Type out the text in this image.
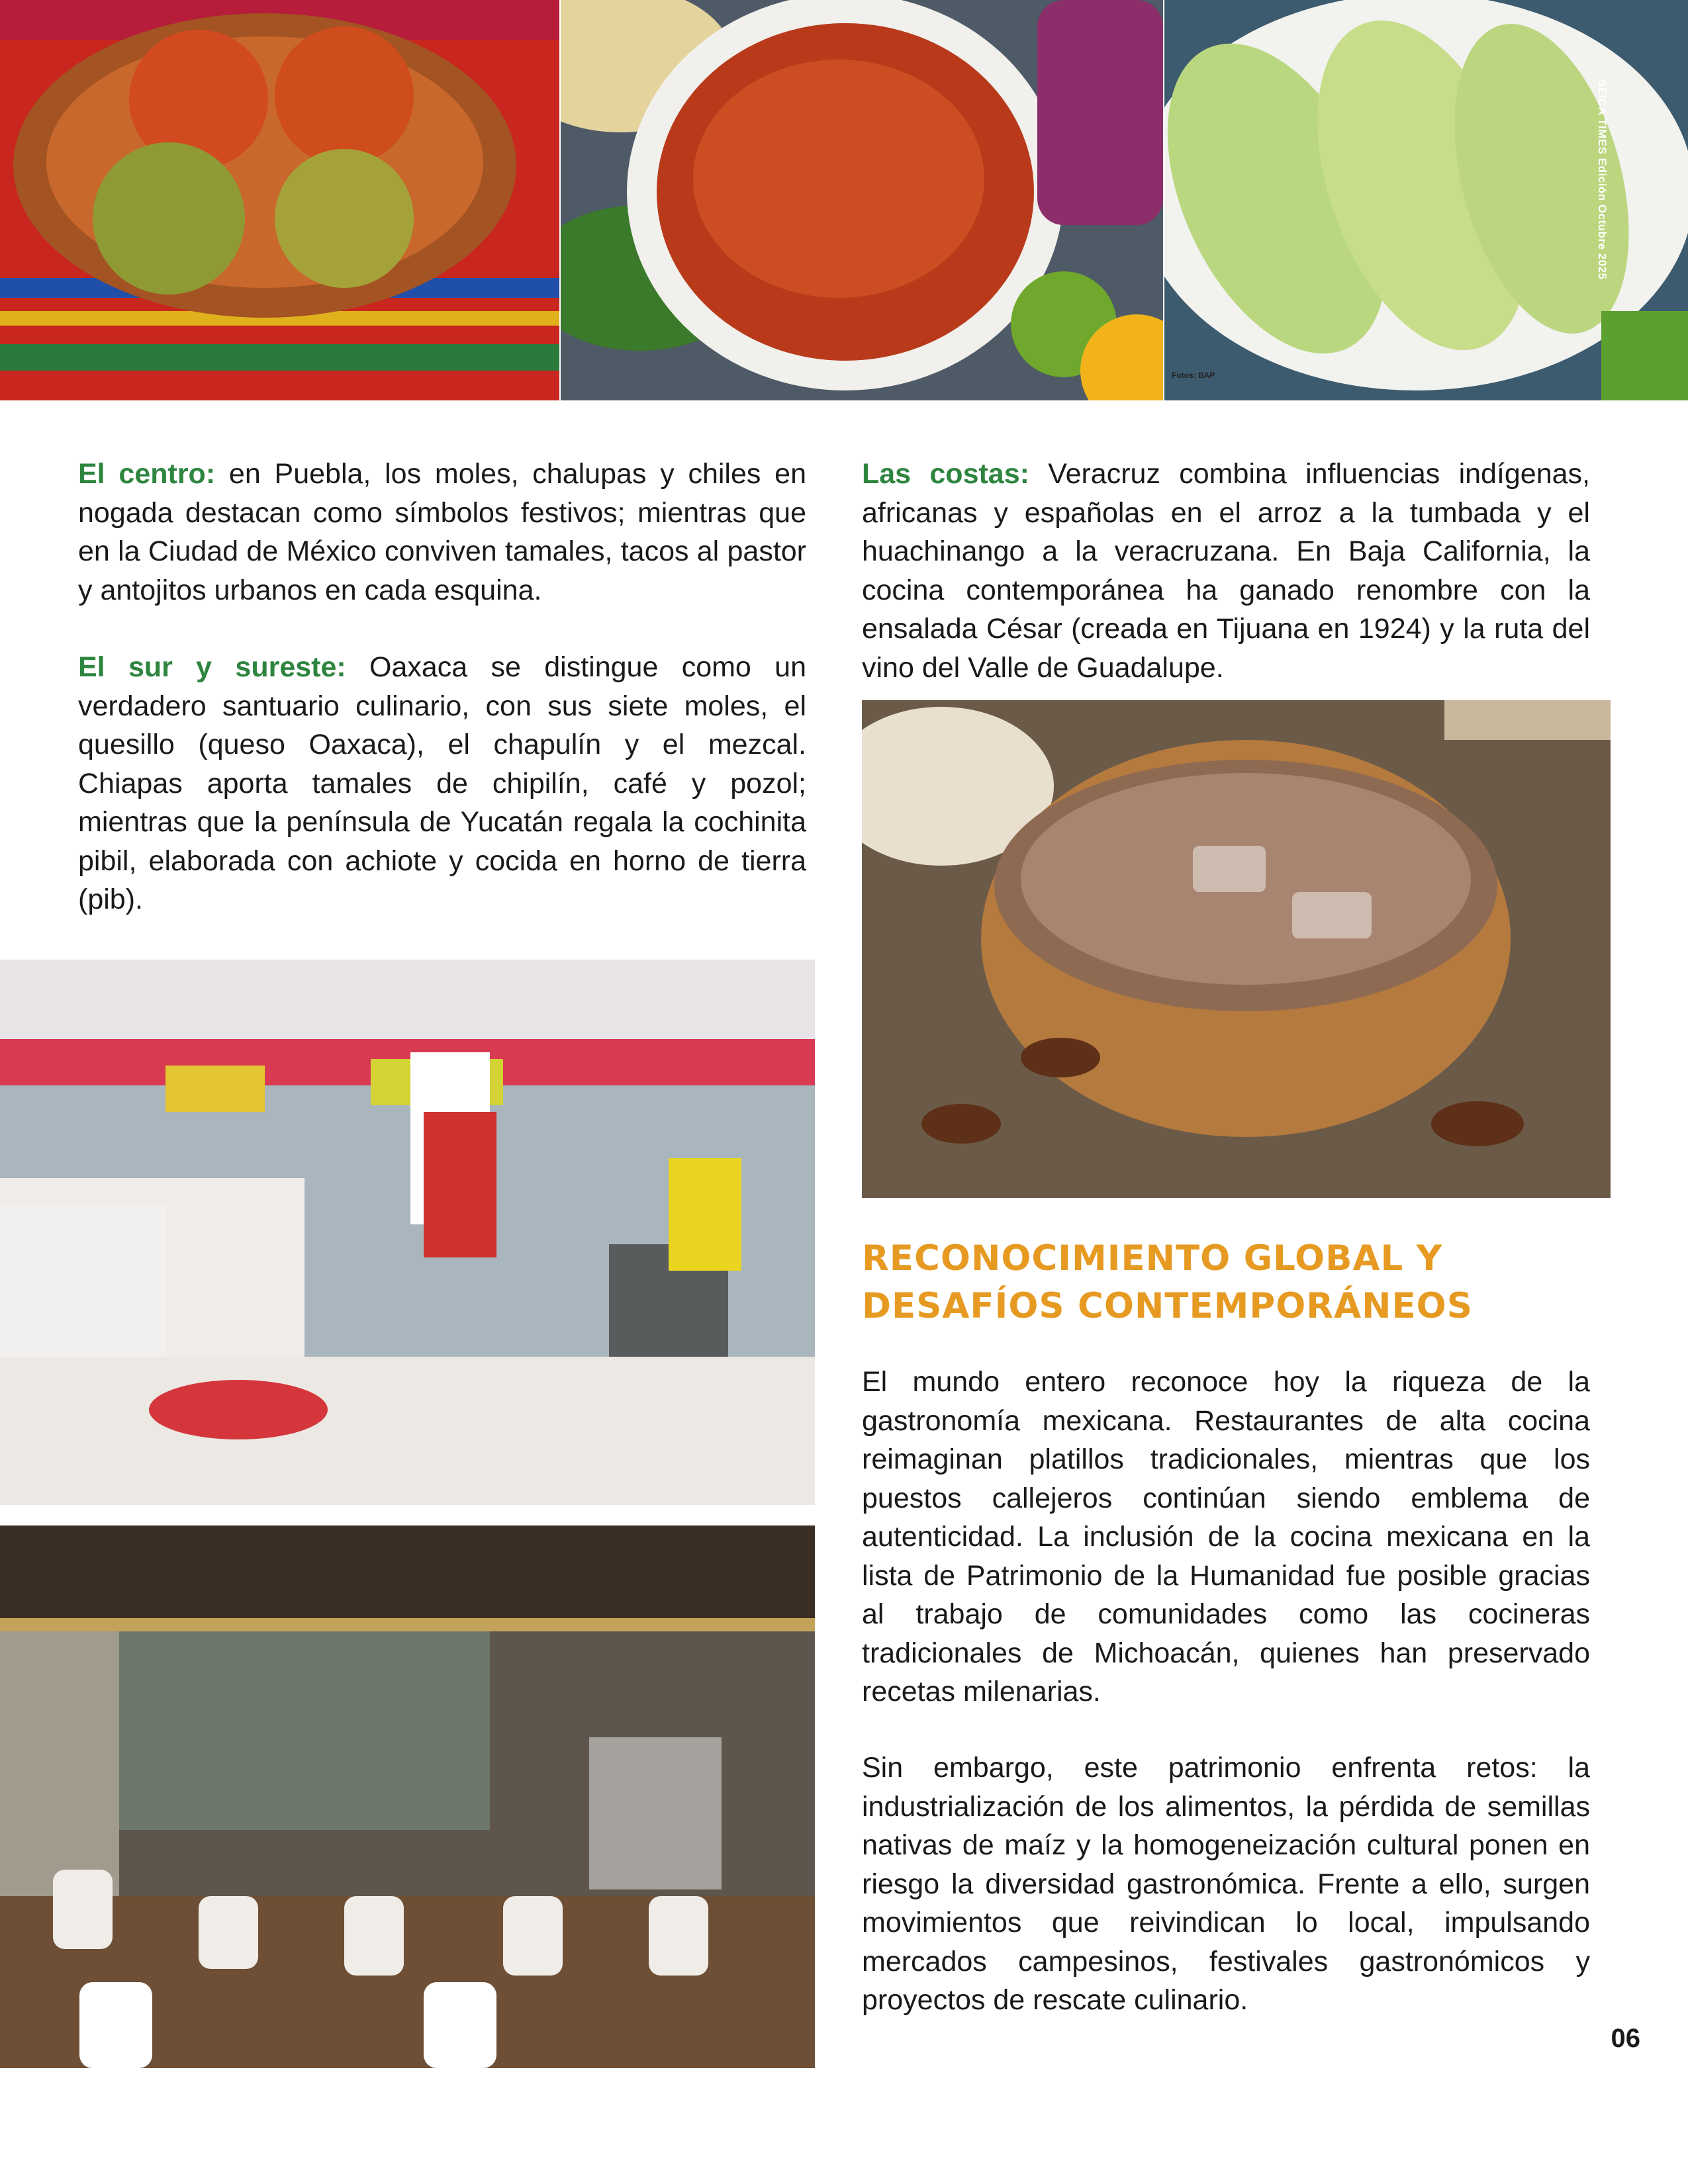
SEICA TIMES Edición Octubre 2025
Fotos: BAP

El centro: en Puebla, los moles, chalupas y chiles en nogada destacan como símbolos festivos; mientras que en la Ciudad de México conviven tamales, tacos al pastor y antojitos urbanos en cada esquina.

El sur y sureste: Oaxaca se distingue como un verdadero santuario culinario, con sus siete moles, el quesillo (queso Oaxaca), el chapulín y el mezcal. Chiapas aporta tamales de chipilín, café y pozol; mientras que la península de Yucatán regala la cochinita pibil, elaborada con achiote y cocida en horno de tierra (pib).

Las costas: Veracruz combina influencias indígenas, africanas y españolas en el arroz a la tumbada y el huachinango a la veracruzana. En Baja California, la cocina contemporánea ha ganado renombre con la ensalada César (creada en Tijuana en 1924) y la ruta del vino del Valle de Guadalupe.

RECONOCIMIENTO GLOBAL Y DESAFÍOS CONTEMPORÁNEOS

El mundo entero reconoce hoy la riqueza de la gastronomía mexicana. Restaurantes de alta cocina reimaginan platillos tradicionales, mientras que los puestos callejeros continúan siendo emblema de autenticidad. La inclusión de la cocina mexicana en la lista de Patrimonio de la Humanidad fue posible gracias al trabajo de comunidades como las cocineras tradicionales de Michoacán, quienes han preservado recetas milenarias.

Sin embargo, este patrimonio enfrenta retos: la industrialización de los alimentos, la pérdida de semillas nativas de maíz y la homogeneización cultural ponen en riesgo la diversidad gastronómica. Frente a ello, surgen movimientos que reivindican lo local, impulsando mercados campesinos, festivales gastronómicos y proyectos de rescate culinario.

06
